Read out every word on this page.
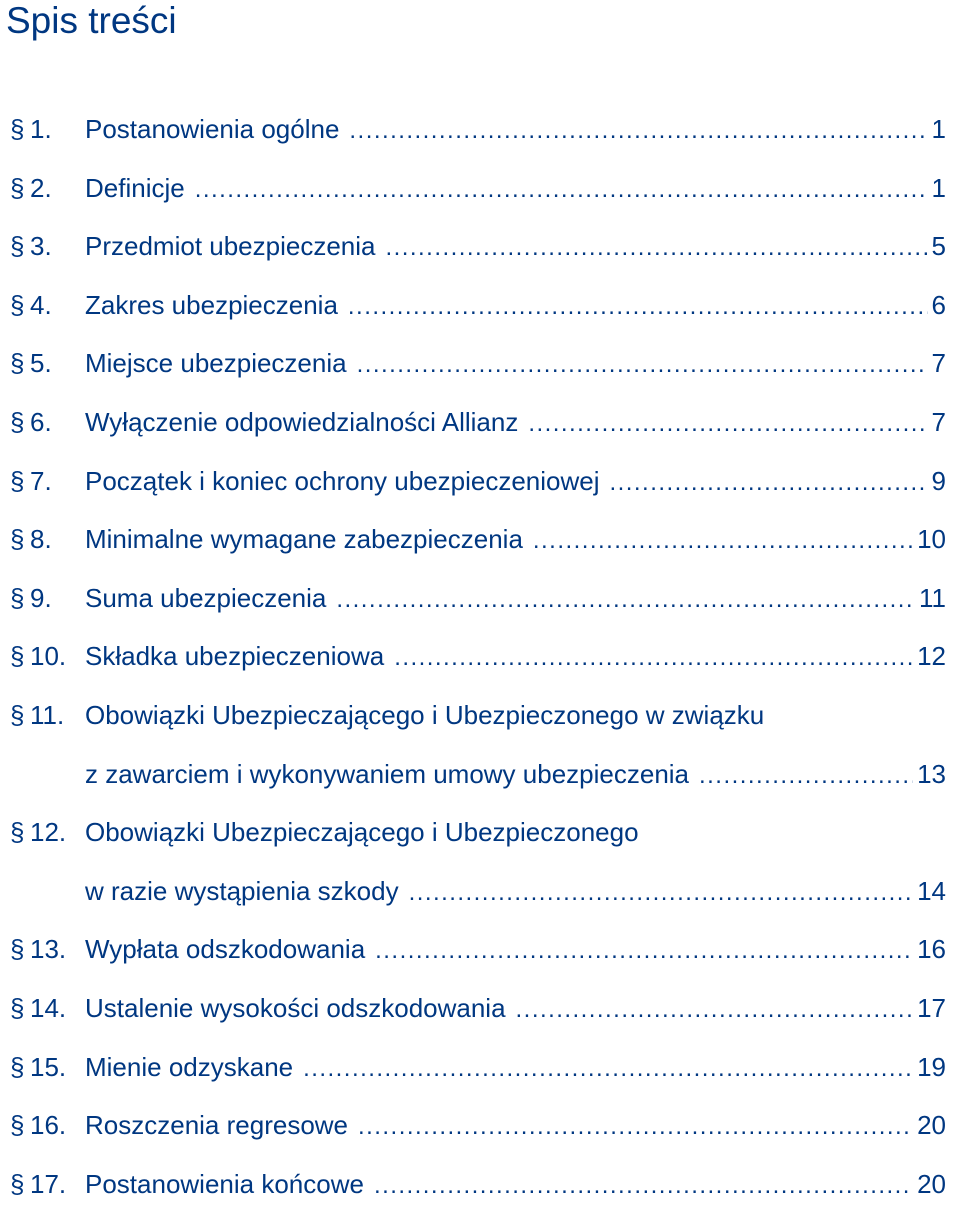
Spis treści
§ 1.	Postanowienia ogólne . . .	1
§ 2.	Definicje . . .	1
§ 3.	Przedmiot ubezpieczenia . . .	5
§ 4.	Zakres ubezpieczenia . . .	6
§ 5.	Miejsce ubezpieczenia . . .	7
§ 6.	Wyłączenie odpowiedzialności Allianz . . .	7
§ 7.	Początek i koniec ochrony ubezpieczeniowej . . .	9
§ 8.	Minimalne wymagane zabezpieczenia . . .	10
§ 9.	Suma ubezpieczenia . . .	11
§ 10. Składka ubezpieczeniowa . . .	12
§ 11. Obowiązki Ubezpieczającego i Ubezpieczonego w związku
z zawarciem i wykonywaniem umowy ubezpieczenia . . .	13
§ 12. Obowiązki Ubezpieczającego i Ubezpieczonego
w razie wystąpienia szkody . . .	14
§ 13. Wypłata odszkodowania . . .	16
§ 14. Ustalenie wysokości odszkodowania . . .	17
§ 15. Mienie odzyskane . . .	19
§ 16. Roszczenia regresowe . . .	20
§ 17. Postanowienia końcowe . . .	20
